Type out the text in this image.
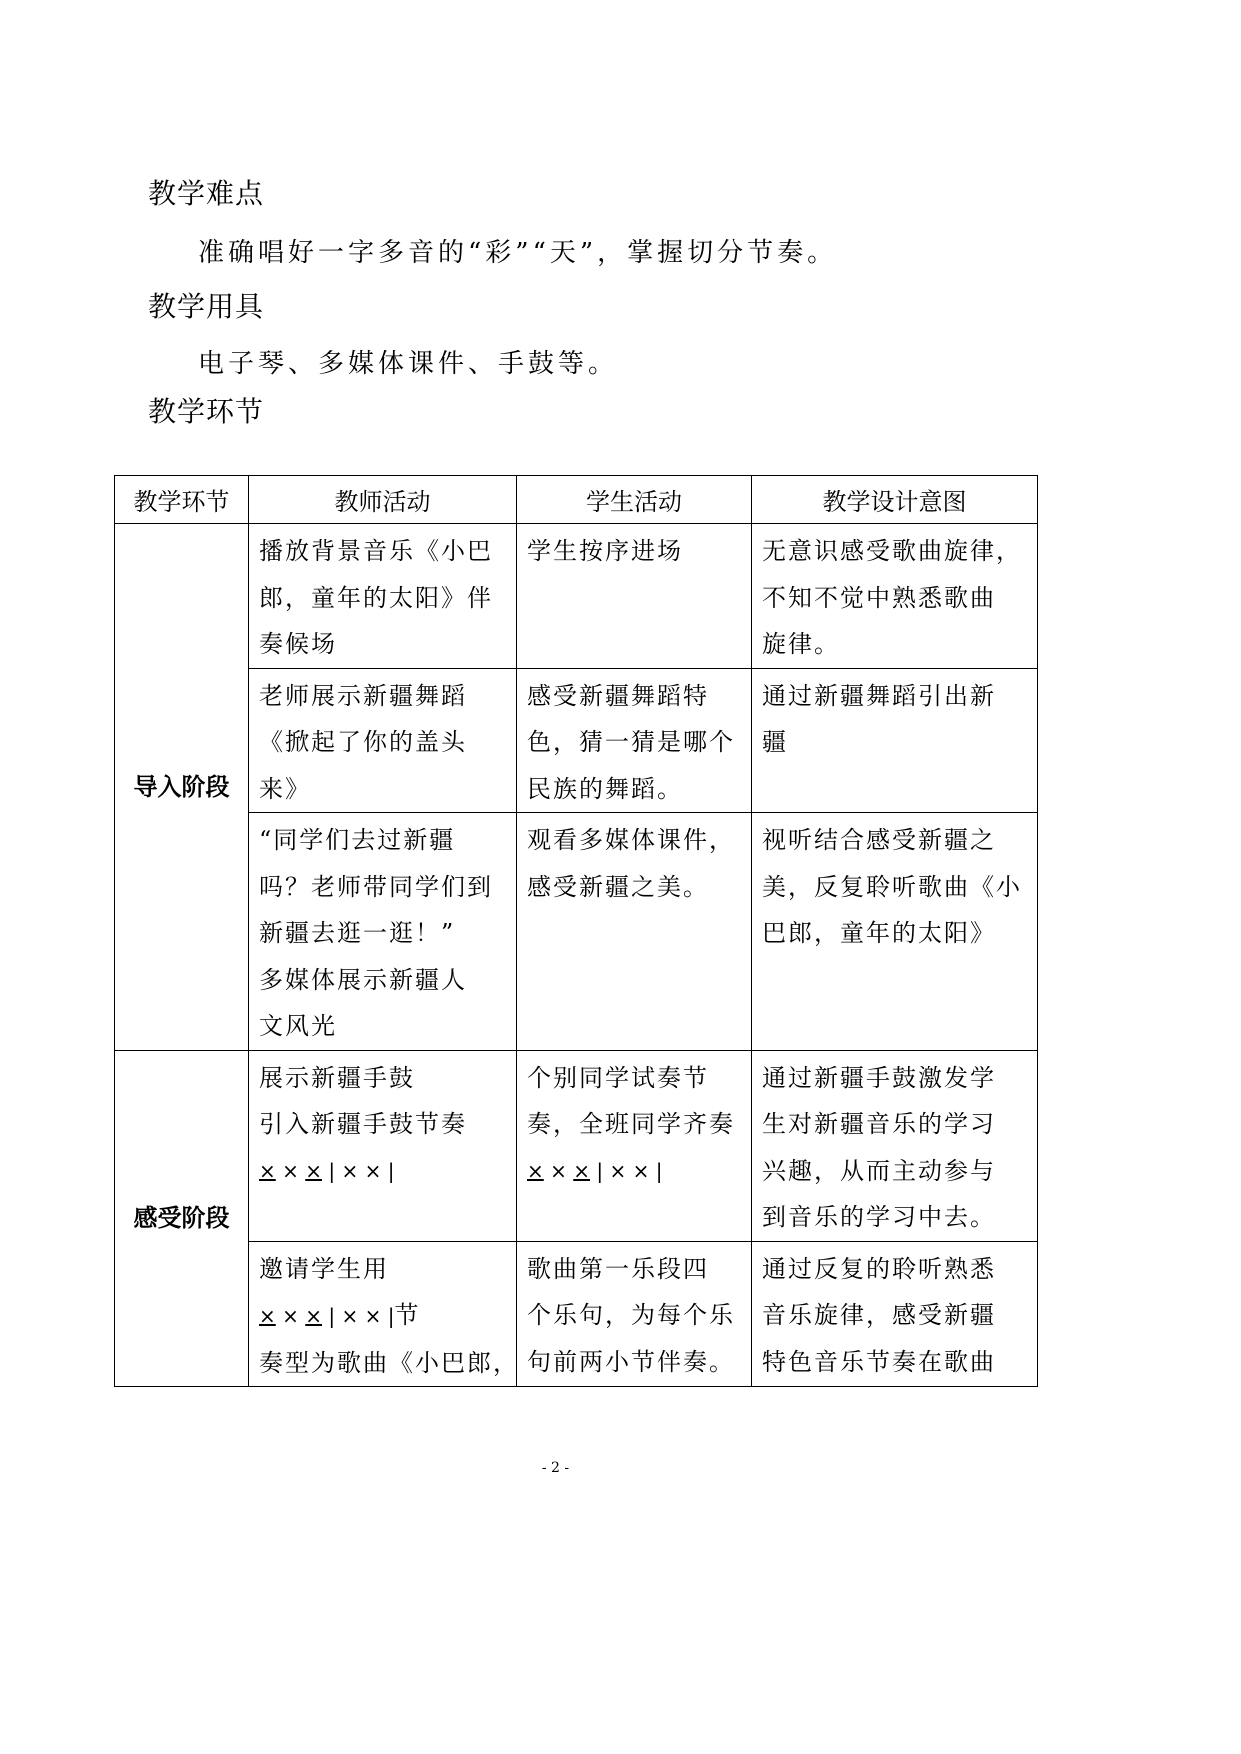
教学难点

准确唱好一字多音的“彩”“天”，掌握切分节奏。

教学用具

电子琴、多媒体课件、手鼓等。

教学环节
教学环节	教师活动	学生活动	教学设计意图
导入阶段	播放背景音乐《小巴
郎，童年的太阳》伴
奏候场	学生按序进场	无意识感受歌曲旋律，
不知不觉中熟悉歌曲
旋律。

	老师展示新疆舞蹈
《掀起了你的盖头
来》	感受新疆舞蹈特
色，猜一猜是哪个
民族的舞蹈。	通过新疆舞蹈引出新
疆

	“同学们去过新疆
吗？老师带同学们到
新疆去逛一逛！”
多媒体展示新疆人
文风光	观看多媒体课件，
感受新疆之美。	视听结合感受新疆之
美，反复聆听歌曲《小
巴郎，童年的太阳》

感受阶段	展示新疆手鼓
引入新疆手鼓节奏
× × × | × × |	个别同学试奏节
奏，全班同学齐奏
× × × | × × |	通过新疆手鼓激发学
生对新疆音乐的学习
兴趣，从而主动参与
到音乐的学习中去。

	邀请学生用
× × × | × × |节
奏型为歌曲《小巴郎，	歌曲第一乐段四
个乐句，为每个乐
句前两小节伴奏。	通过反复的聆听熟悉
音乐旋律，感受新疆
特色音乐节奏在歌曲
- 2 -
